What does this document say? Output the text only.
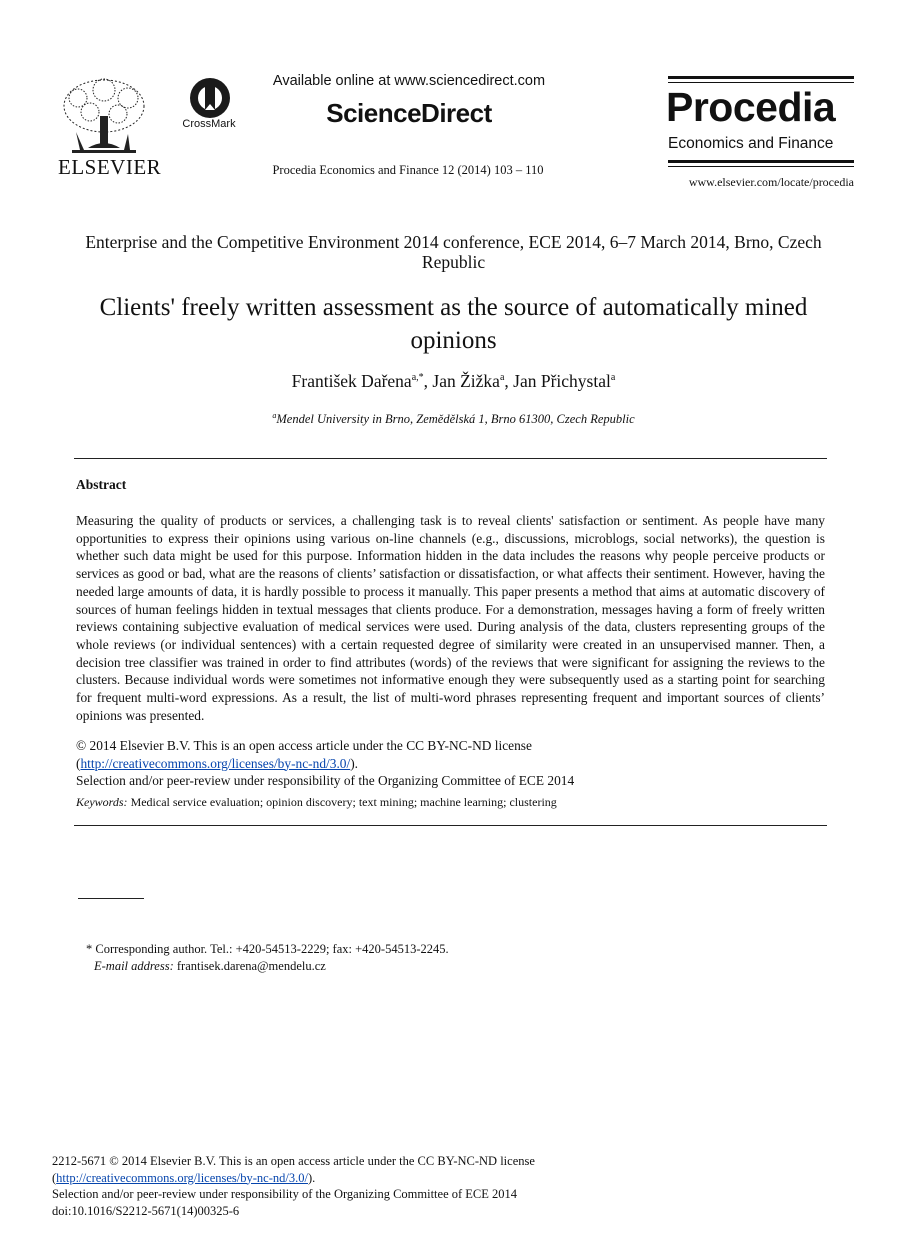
ELSEVIER
CrossMark
Available online at www.sciencedirect.com
ScienceDirect
Procedia Economics and Finance 12 (2014) 103 – 110
Procedia
Economics and Finance
www.elsevier.com/locate/procedia
Enterprise and the Competitive Environment 2014 conference, ECE 2014, 6–7 March 2014, Brno, Czech Republic
Clients' freely written assessment as the source of automatically mined opinions
František Dařena$^{a,*}$, Jan Žižka$^a$, Jan Přichystal$^a$
$^a$Mendel University in Brno, Zemědělská 1, Brno 61300, Czech Republic
Abstract
Measuring the quality of products or services, a challenging task is to reveal clients' satisfaction or sentiment. As people have many opportunities to express their opinions using various on-line channels (e.g., discussions, microblogs, social networks), the question is whether such data might be used for this purpose. Information hidden in the data includes the reasons why people perceive products or services as good or bad, what are the reasons of clients’ satisfaction or dissatisfaction, or what affects their sentiment. However, having the needed large amounts of data, it is hardly possible to process it manually. This paper presents a method that aims at automatic discovery of sources of human feelings hidden in textual messages that clients produce. For a demonstration, messages having a form of freely written reviews containing subjective evaluation of medical services were used. During analysis of the data, clusters representing groups of the whole reviews (or individual sentences) with a certain requested degree of similarity were created in an unsupervised manner. Then, a decision tree classifier was trained in order to find attributes (words) of the reviews that were significant for assigning the reviews to the clusters. Because individual words were sometimes not informative enough they were subsequently used as a starting point for searching for frequent multi-word expressions. As a result, the list of multi-word phrases representing frequent and important sources of clients’ opinions was presented.
© 2014 Elsevier B.V. This is an open access article under the CC BY-NC-ND license
(http://creativecommons.org/licenses/by-nc-nd/3.0/).
Selection and/or peer-review under responsibility of the Organizing Committee of ECE 2014
Keywords: Medical service evaluation; opinion discovery; text mining; machine learning; clustering
* Corresponding author. Tel.: +420-54513-2229; fax: +420-54513-2245.
E-mail address: frantisek.darena@mendelu.cz
2212-5671 © 2014 Elsevier B.V. This is an open access article under the CC BY-NC-ND license
(http://creativecommons.org/licenses/by-nc-nd/3.0/).
Selection and/or peer-review under responsibility of the Organizing Committee of ECE 2014
doi:10.1016/S2212-5671(14)00325-6
